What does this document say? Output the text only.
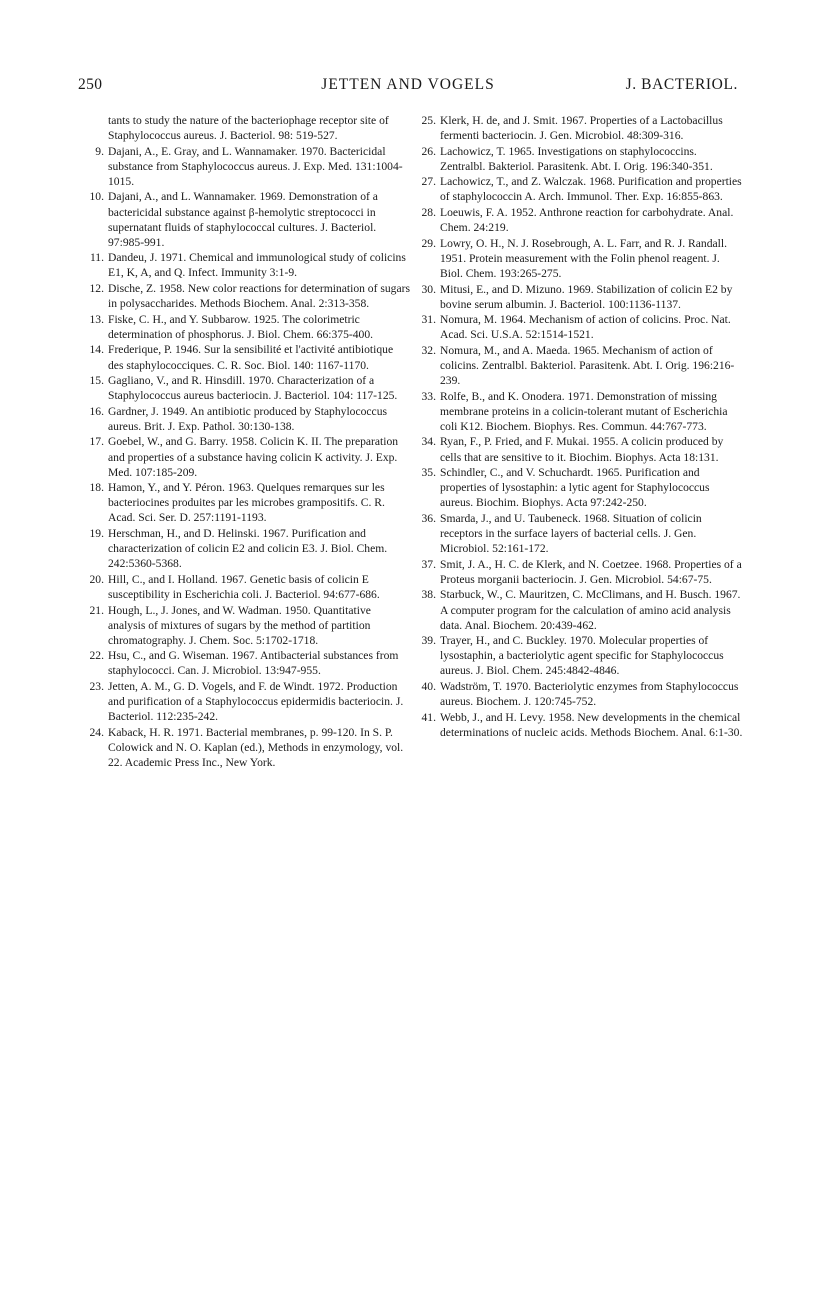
250	JETTEN AND VOGELS	J. BACTERIOL.
tants to study the nature of the bacteriophage receptor site of Staphylococcus aureus. J. Bacteriol. 98: 519-527.
9. Dajani, A., E. Gray, and L. Wannamaker. 1970. Bactericidal substance from Staphylococcus aureus. J. Exp. Med. 131:1004-1015.
10. Dajani, A., and L. Wannamaker. 1969. Demonstration of a bactericidal substance against β-hemolytic streptococci in supernatant fluids of staphylococcal cultures. J. Bacteriol. 97:985-991.
11. Dandeu, J. 1971. Chemical and immunological study of colicins E1, K, A, and Q. Infect. Immunity 3:1-9.
12. Dische, Z. 1958. New color reactions for determination of sugars in polysaccharides. Methods Biochem. Anal. 2:313-358.
13. Fiske, C. H., and Y. Subbarow. 1925. The colorimetric determination of phosphorus. J. Biol. Chem. 66:375-400.
14. Frederique, P. 1946. Sur la sensibilité et l'activité antibiotique des staphylococciques. C. R. Soc. Biol. 140: 1167-1170.
15. Gagliano, V., and R. Hinsdill. 1970. Characterization of a Staphylococcus aureus bacteriocin. J. Bacteriol. 104: 117-125.
16. Gardner, J. 1949. An antibiotic produced by Staphylococcus aureus. Brit. J. Exp. Pathol. 30:130-138.
17. Goebel, W., and G. Barry. 1958. Colicin K. II. The preparation and properties of a substance having colicin K activity. J. Exp. Med. 107:185-209.
18. Hamon, Y., and Y. Péron. 1963. Quelques remarques sur les bacteriocines produites par les microbes grampositifs. C. R. Acad. Sci. Ser. D. 257:1191-1193.
19. Herschman, H., and D. Helinski. 1967. Purification and characterization of colicin E2 and colicin E3. J. Biol. Chem. 242:5360-5368.
20. Hill, C., and I. Holland. 1967. Genetic basis of colicin E susceptibility in Escherichia coli. J. Bacteriol. 94:677-686.
21. Hough, L., J. Jones, and W. Wadman. 1950. Quantitative analysis of mixtures of sugars by the method of partition chromatography. J. Chem. Soc. 5:1702-1718.
22. Hsu, C., and G. Wiseman. 1967. Antibacterial substances from staphylococci. Can. J. Microbiol. 13:947-955.
23. Jetten, A. M., G. D. Vogels, and F. de Windt. 1972. Production and purification of a Staphylococcus epidermidis bacteriocin. J. Bacteriol. 112:235-242.
24. Kaback, H. R. 1971. Bacterial membranes, p. 99-120. In S. P. Colowick and N. O. Kaplan (ed.), Methods in enzymology, vol. 22. Academic Press Inc., New York.
25. Klerk, H. de, and J. Smit. 1967. Properties of a Lactobacillus fermenti bacteriocin. J. Gen. Microbiol. 48:309-316.
26. Lachowicz, T. 1965. Investigations on staphylococcins. Zentralbl. Bakteriol. Parasitenk. Abt. I. Orig. 196:340-351.
27. Lachowicz, T., and Z. Walczak. 1968. Purification and properties of staphylococcin A. Arch. Immunol. Ther. Exp. 16:855-863.
28. Loeuwis, F. A. 1952. Anthrone reaction for carbohydrate. Anal. Chem. 24:219.
29. Lowry, O. H., N. J. Rosebrough, A. L. Farr, and R. J. Randall. 1951. Protein measurement with the Folin phenol reagent. J. Biol. Chem. 193:265-275.
30. Mitusi, E., and D. Mizuno. 1969. Stabilization of colicin E2 by bovine serum albumin. J. Bacteriol. 100:1136-1137.
31. Nomura, M. 1964. Mechanism of action of colicins. Proc. Nat. Acad. Sci. U.S.A. 52:1514-1521.
32. Nomura, M., and A. Maeda. 1965. Mechanism of action of colicins. Zentralbl. Bakteriol. Parasitenk. Abt. I. Orig. 196:216-239.
33. Rolfe, B., and K. Onodera. 1971. Demonstration of missing membrane proteins in a colicin-tolerant mutant of Escherichia coli K12. Biochem. Biophys. Res. Commun. 44:767-773.
34. Ryan, F., P. Fried, and F. Mukai. 1955. A colicin produced by cells that are sensitive to it. Biochim. Biophys. Acta 18:131.
35. Schindler, C., and V. Schuchardt. 1965. Purification and properties of lysostaphin: a lytic agent for Staphylococcus aureus. Biochim. Biophys. Acta 97:242-250.
36. Smarda, J., and U. Taubeneck. 1968. Situation of colicin receptors in the surface layers of bacterial cells. J. Gen. Microbiol. 52:161-172.
37. Smit, J. A., H. C. de Klerk, and N. Coetzee. 1968. Properties of a Proteus morganii bacteriocin. J. Gen. Microbiol. 54:67-75.
38. Starbuck, W., C. Mauritzen, C. McClimans, and H. Busch. 1967. A computer program for the calculation of amino acid analysis data. Anal. Biochem. 20:439-462.
39. Trayer, H., and C. Buckley. 1970. Molecular properties of lysostaphin, a bacteriolytic agent specific for Staphylococcus aureus. J. Biol. Chem. 245:4842-4846.
40. Wadström, T. 1970. Bacteriolytic enzymes from Staphylococcus aureus. Biochem. J. 120:745-752.
41. Webb, J., and H. Levy. 1958. New developments in the chemical determinations of nucleic acids. Methods Biochem. Anal. 6:1-30.
